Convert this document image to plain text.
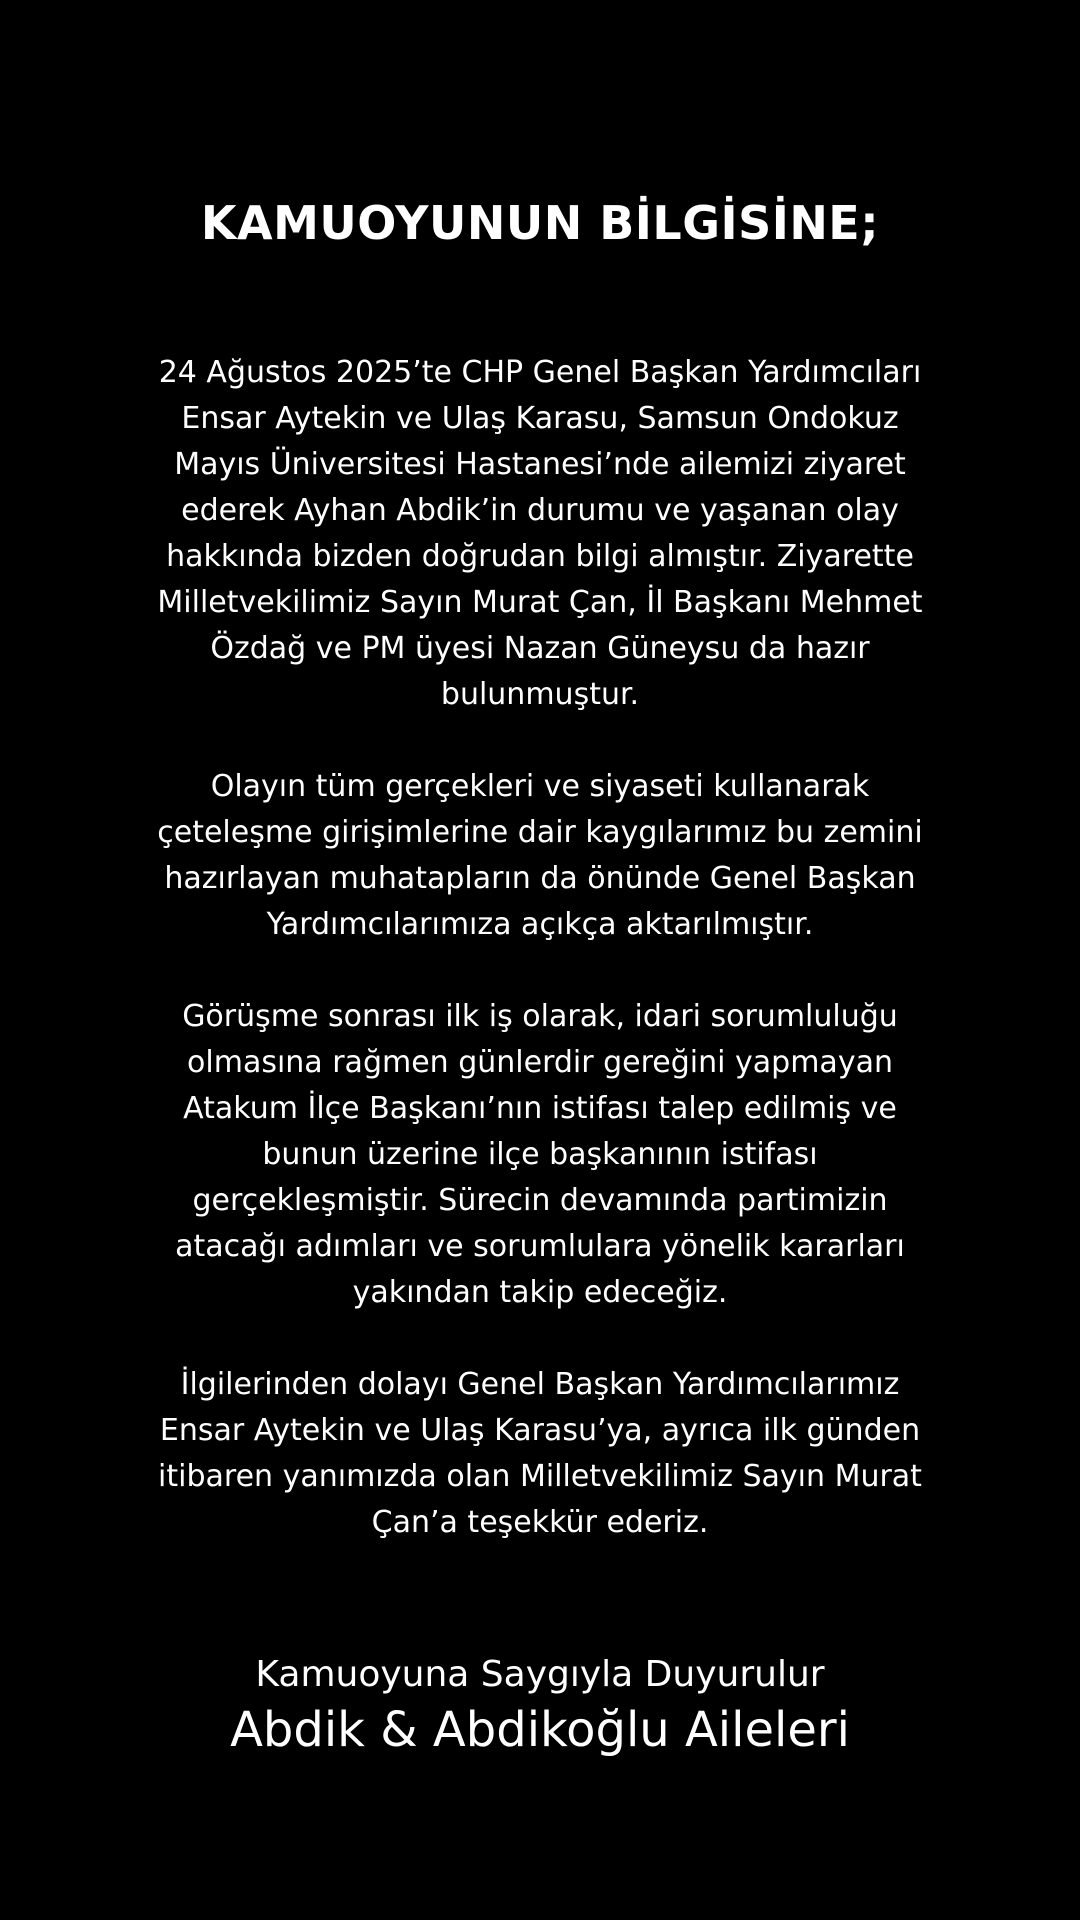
KAMUOYUNUN BİLGİSİNE;

24 Ağustos 2025’te CHP Genel Başkan Yardımcıları
Ensar Aytekin ve Ulaş Karasu, Samsun Ondokuz
Mayıs Üniversitesi Hastanesi’nde ailemizi ziyaret
ederek Ayhan Abdik’in durumu ve yaşanan olay
hakkında bizden doğrudan bilgi almıştır. Ziyarette
Milletvekilimiz Sayın Murat Çan, İl Başkanı Mehmet
Özdağ ve PM üyesi Nazan Güneysu da hazır
bulunmuştur.

Olayın tüm gerçekleri ve siyaseti kullanarak
çeteleşme girişimlerine dair kaygılarımız bu zemini
hazırlayan muhatapların da önünde Genel Başkan
Yardımcılarımıza açıkça aktarılmıştır.

Görüşme sonrası ilk iş olarak, idari sorumluluğu
olmasına rağmen günlerdir gereğini yapmayan
Atakum İlçe Başkanı’nın istifası talep edilmiş ve
bunun üzerine ilçe başkanının istifası
gerçekleşmiştir. Sürecin devamında partimizin
atacağı adımları ve sorumlulara yönelik kararları
yakından takip edeceğiz.

İlgilerinden dolayı Genel Başkan Yardımcılarımız
Ensar Aytekin ve Ulaş Karasu’ya, ayrıca ilk günden
itibaren yanımızda olan Milletvekilimiz Sayın Murat
Çan’a teşekkür ederiz.

Kamuoyuna Saygıyla Duyurulur
Abdik & Abdikoğlu Aileleri
